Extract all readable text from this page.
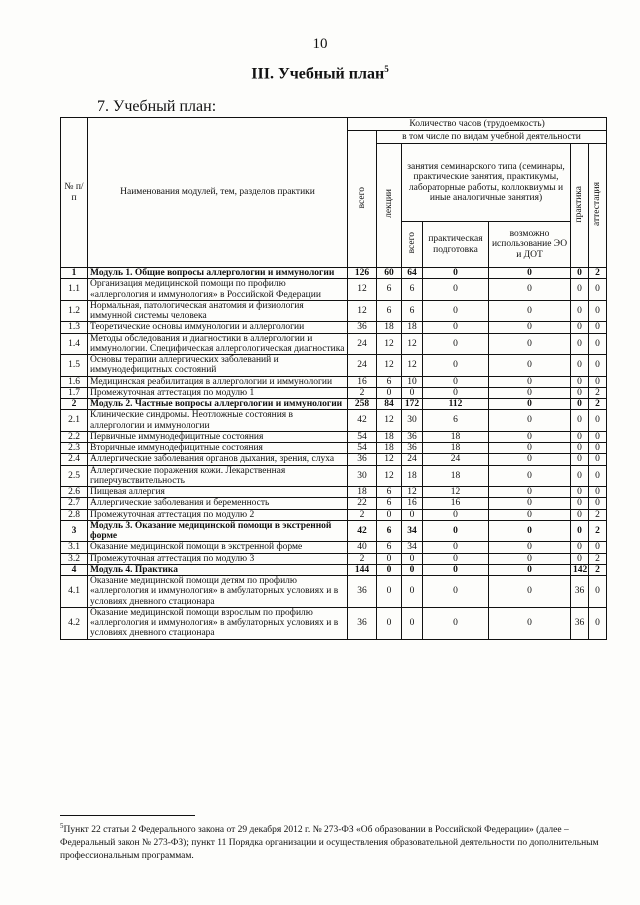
10
III. Учебный план$^5$
7. Учебный план:
№ п/п	Наименования модулей, тем, разделов практики	Количество часов (трудоемкость)						
		всего	в том числе по видам учебной деятельности					
			лекции	занятия семинарского типа (семинары, практические занятия, практикумы, лабораторные работы, коллоквиумы и иные аналогичные занятия)			практика	аттестация
				всего	практическая подготовка	возможно использование ЭО и ДОТ		
1	Модуль 1. Общие вопросы аллергологии и иммунологии	126	60	64	0	0	0	2
1.1	Организация медицинской помощи по профилю «аллергология и иммунология» в Российской Федерации	12	6	6	0	0	0	0
1.2	Нормальная, патологическая анатомия и физиология иммунной системы человека	12	6	6	0	0	0	0
1.3	Теоретические основы иммунологии и аллергологии	36	18	18	0	0	0	0
1.4	Методы обследования и диагностики в аллергологии и иммунологии. Специфическая аллергологическая диагностика	24	12	12	0	0	0	0
1.5	Основы терапии аллергических заболеваний и иммунодефицитных состояний	24	12	12	0	0	0	0
1.6	Медицинская реабилитация в аллергологии и иммунологии	16	6	10	0	0	0	0
1.7	Промежуточная аттестация по модулю 1	2	0	0	0	0	0	2
2	Модуль 2. Частные вопросы аллергологии и иммунологии	258	84	172	112	0	0	2
2.1	Клинические синдромы. Неотложные состояния в аллергологии и иммунологии	42	12	30	6	0	0	0
2.2	Первичные иммунодефицитные состояния	54	18	36	18	0	0	0
2.3	Вторичные иммунодефицитные состояния	54	18	36	18	0	0	0
2.4	Аллергические заболевания органов дыхания, зрения, слуха	36	12	24	24	0	0	0
2.5	Аллергические поражения кожи. Лекарственная гиперчувствительность	30	12	18	18	0	0	0
2.6	Пищевая аллергия	18	6	12	12	0	0	0
2.7	Аллергические заболевания и беременность	22	6	16	16	0	0	0
2.8	Промежуточная аттестация по модулю 2	2	0	0	0	0	0	2
3	Модуль 3. Оказание медицинской помощи в экстренной форме	42	6	34	0	0	0	2
3.1	Оказание медицинской помощи в экстренной форме	40	6	34	0	0	0	0
3.2	Промежуточная аттестация по модулю 3	2	0	0	0	0	0	2
4	Модуль 4. Практика	144	0	0	0	0	142	2
4.1	Оказание медицинской помощи детям по профилю «аллергология и иммунология» в амбулаторных условиях и в условиях дневного стационара	36	0	0	0	0	36	0
4.2	Оказание медицинской помощи взрослым по профилю «аллергология и иммунология» в амбулаторных условиях и в условиях дневного стационара	36	0	0	0	0	36	0
$^5$Пункт 22 статьи 2 Федерального закона от 29 декабря 2012 г. № 273-ФЗ «Об образовании в Российской Федерации» (далее – Федеральный закон № 273-ФЗ); пункт 11 Порядка организации и осуществления образовательной деятельности по дополнительным профессиональным программам.
